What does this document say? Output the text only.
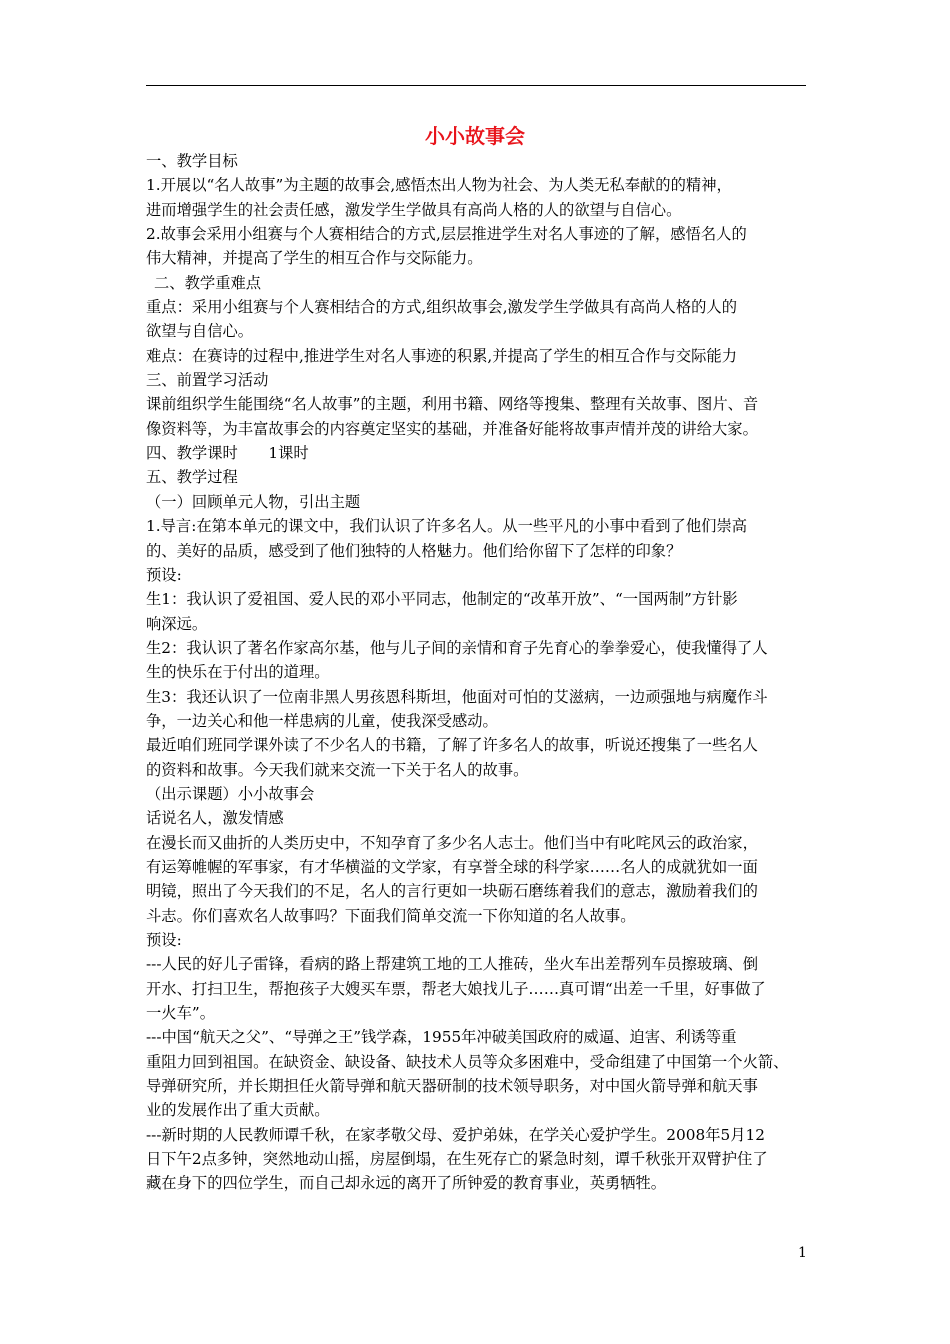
小小故事会
一、教学目标
1.开展以“名人故事”为主题的故事会,感悟杰出人物为社会、为人类无私奉献的的精神，
进而增强学生的社会责任感，激发学生学做具有高尚人格的人的欲望与自信心。
2.故事会采用小组赛与个人赛相结合的方式,层层推进学生对名人事迹的了解，感悟名人的
伟大精神，并提高了学生的相互合作与交际能力。
二、教学重难点
重点：采用小组赛与个人赛相结合的方式,组织故事会,激发学生学做具有高尚人格的人的
欲望与自信心。
难点：在赛诗的过程中,推进学生对名人事迹的积累,并提高了学生的相互合作与交际能力
三、前置学习活动
课前组织学生能围绕“名人故事”的主题，利用书籍、网络等搜集、整理有关故事、图片、音
像资料等，为丰富故事会的内容奠定坚实的基础，并准备好能将故事声情并茂的讲给大家。
四、教学课时　　1课时
五、教学过程
（一）回顾单元人物，引出主题
1.导言:在第本单元的课文中，我们认识了许多名人。从一些平凡的小事中看到了他们崇高
的、美好的品质，感受到了他们独特的人格魅力。他们给你留下了怎样的印象？
预设:
生1：我认识了爱祖国、爱人民的邓小平同志，他制定的“改革开放”、“一国两制”方针影
响深远。
生2：我认识了著名作家高尔基，他与儿子间的亲情和育子先育心的拳拳爱心，使我懂得了人
生的快乐在于付出的道理。
生3：我还认识了一位南非黑人男孩恩科斯坦，他面对可怕的艾滋病，一边顽强地与病魔作斗
争，一边关心和他一样患病的儿童，使我深受感动。
最近咱们班同学课外读了不少名人的书籍，了解了许多名人的故事，听说还搜集了一些名人
的资料和故事。今天我们就来交流一下关于名人的故事。
（出示课题）小小故事会
话说名人，激发情感
在漫长而又曲折的人类历史中，不知孕育了多少名人志士。他们当中有叱咤风云的政治家，
有运筹帷幄的军事家，有才华横溢的文学家，有享誉全球的科学家……名人的成就犹如一面
明镜，照出了今天我们的不足，名人的言行更如一块砺石磨练着我们的意志，激励着我们的
斗志。你们喜欢名人故事吗？下面我们简单交流一下你知道的名人故事。
预设:
---人民的好儿子雷锋，看病的路上帮建筑工地的工人推砖，坐火车出差帮列车员擦玻璃、倒
开水、打扫卫生，帮抱孩子大嫂买车票，帮老大娘找儿子……真可谓“出差一千里，好事做了
一火车”。
---中国“航天之父”、“导弹之王”钱学森，1955年冲破美国政府的威逼、迫害、利诱等重
重阻力回到祖国。在缺资金、缺设备、缺技术人员等众多困难中，受命组建了中国第一个火箭、
导弹研究所，并长期担任火箭导弹和航天器研制的技术领导职务，对中国火箭导弹和航天事
业的发展作出了重大贡献。
---新时期的人民教师谭千秋，在家孝敬父母、爱护弟妹，在学关心爱护学生。2008年5月12
日下午2点多钟，突然地动山摇，房屋倒塌，在生死存亡的紧急时刻，谭千秋张开双臂护住了
藏在身下的四位学生，而自己却永远的离开了所钟爱的教育事业，英勇牺牲。
1
